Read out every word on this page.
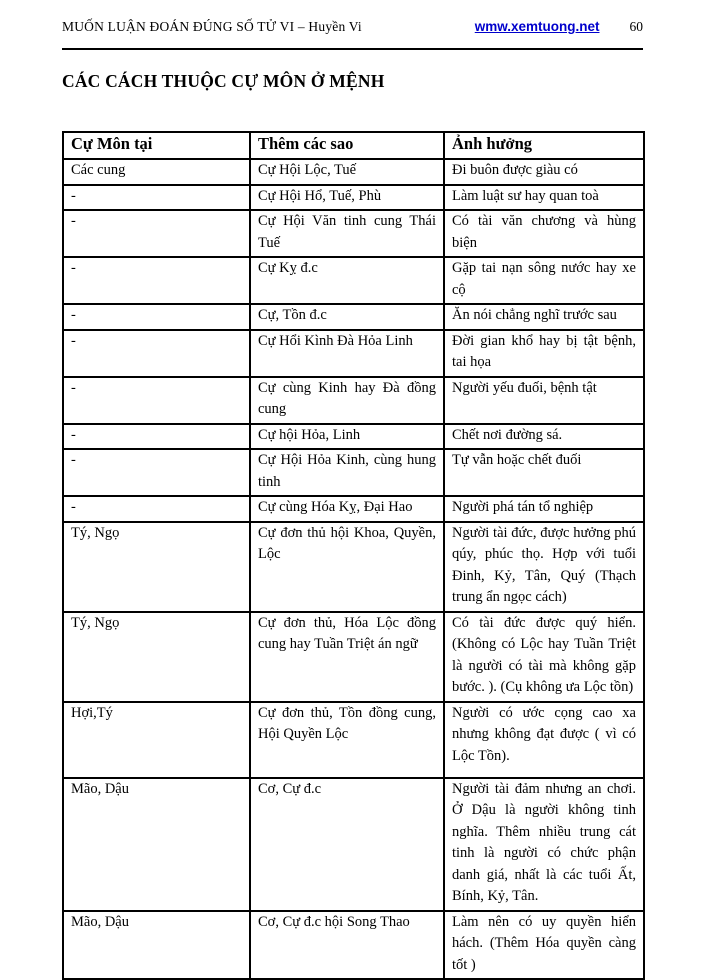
MUỐN LUẬN ĐOÁN ĐÚNG SỐ TỬ VI – Huyền Vi	wmw.xemtuong.net 60
CÁC CÁCH THUỘC CỰ MÔN Ở MỆNH
Cự Môn tại	Thêm các sao	Ảnh hưởng
Các cung	Cự Hội Lộc, Tuế	Đi buôn được giàu có
-	Cự Hội Hổ, Tuế, Phù	Làm luật sư hay quan toà
-	Cự Hội Văn tinh cung Thái Tuế	Có tài văn chương và hùng biện
-	Cự Kỵ đ.c	Gặp tai nạn sông nước hay xe cộ
-	Cự, Tồn đ.c	Ăn nói chẳng nghĩ trước sau
-	Cự Hổi Kình Đà Hỏa Linh	Đời gian khổ hay bị tật bệnh, tai họa
-	Cự cùng Kinh hay Đà đồng cung	Người yếu đuối, bệnh tật
-	Cự hội Hỏa, Linh	Chết nơi đường sá.
-	Cự Hội Hỏa Kinh, cùng hung tinh	Tự vẫn hoặc chết đuối
-	Cự cùng Hóa Kỵ, Đại Hao	Người phá tán tổ nghiệp
Tý, Ngọ	Cự đơn thủ hội Khoa, Quyền, Lộc	Người tài đức, được hưởng phú qúy, phúc thọ. Hợp với tuổi Đinh, Kỷ, Tân, Quý (Thạch trung ẩn ngọc cách)
Tý, Ngọ	Cự đơn thủ, Hóa Lộc đồng cung hay Tuần Triệt án ngữ	Có tài đức được quý hiển. (Không có Lộc hay Tuần Triệt là người có tài mà không gặp bước. ). (Cụ không ưa Lộc tồn)
Hợi,Tý	Cự đơn thủ, Tồn đồng cung, Hội Quyền Lộc	Người có ước cọng cao xa nhưng không đạt được ( vì có Lộc Tồn).
Mão, Dậu	Cơ, Cự đ.c	Người tài đảm nhưng an chơi. Ở Dậu là người không tinh nghĩa. Thêm nhiều trung cát tinh là người có chức phận danh giá, nhất là các tuổi Ất, Bính, Kỷ, Tân.
Mão, Dậu	Cơ, Cự đ.c hội Song Thao	Làm nên có uy quyền hiển hách. (Thêm Hóa quyền càng tốt )
